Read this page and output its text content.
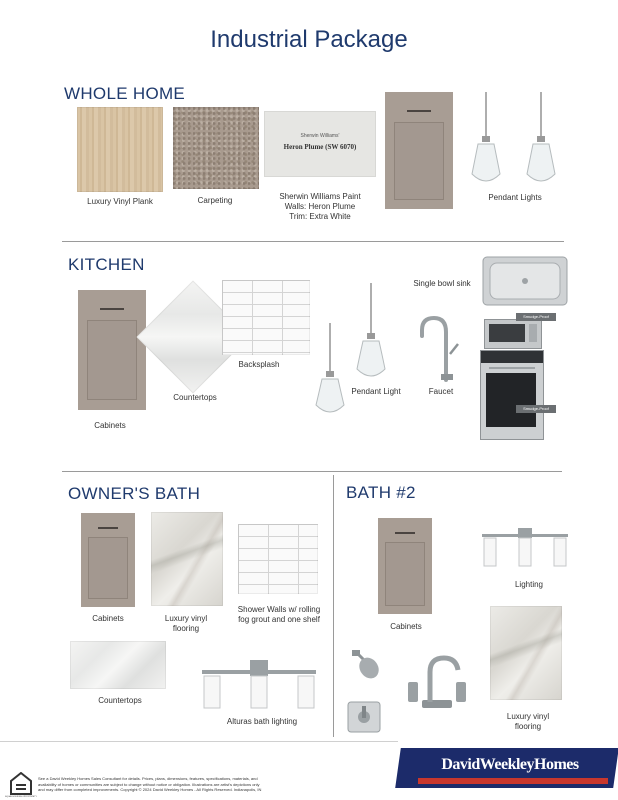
Industrial Package
WHOLE HOME
Luxury Vinyl Plank	Carpeting
Sherwin Williams'
Heron Plume (SW 6070)
Sherwin Williams Paint
Walls: Heron Plume
Trim: Extra White
Pendant Lights
KITCHEN
Single bowl sink
Cabinets
Countertops
Backsplash
Pendant Light	Faucet
Smudge-Proof
Smudge-Proof
OWNER'S BATH
Cabinets	Luxury vinyl
flooring
Shower Walls w/ rolling
fog grout and one shelf
Countertops
Alturas bath lighting
BATH #2
Cabinets
Lighting
Luxury vinyl
flooring
EQUAL HOUSING OPPORTUNITY
See a David Weekley Homes Sales Consultant for details. Prices, plans, dimensions, features, specifications, materials, and
availability of homes or communities are subject to change without notice or obligation. Illustrations are artist's depictions only
and may differ from completed improvements. Copyright © 2024 David Weekley Homes - All Rights Reserved. Indianapolis, IN
DavidWeekleyHomes
